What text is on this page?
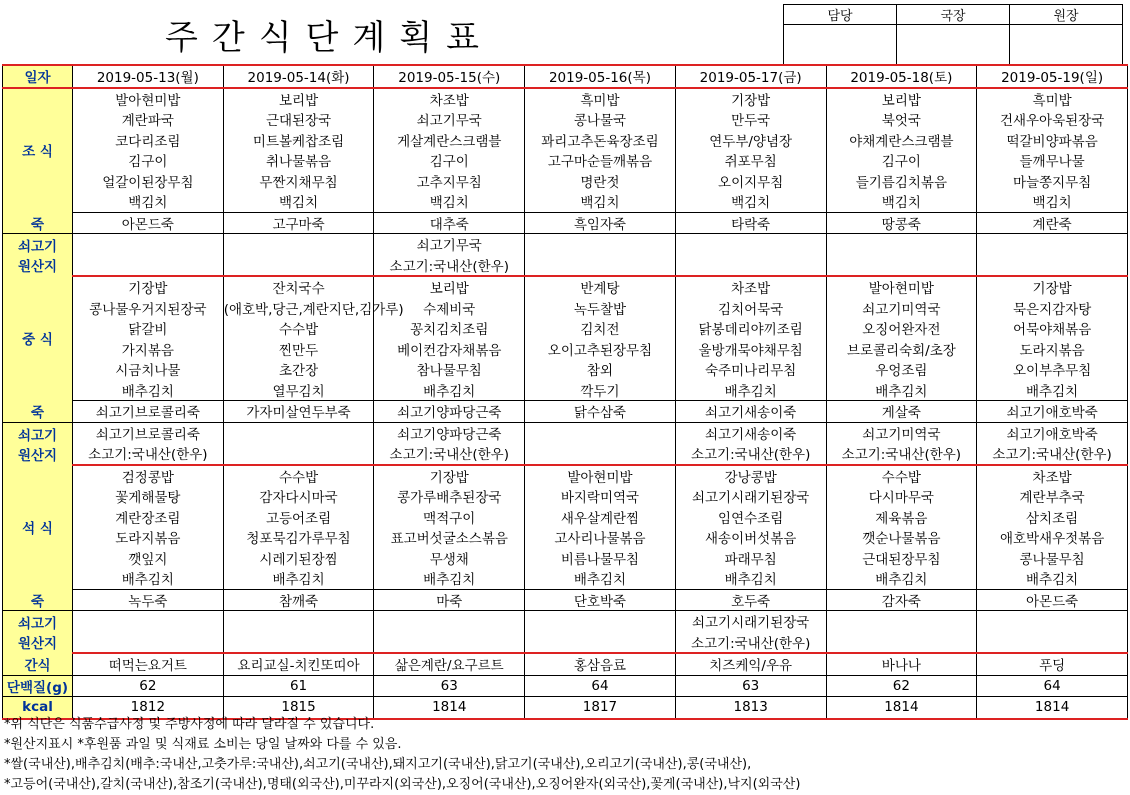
주간식단계획표
담당	국장	원장

일자	2019-05-13(월)	2019-05-14(화)	2019-05-15(수)	2019-05-16(목)	2019-05-17(금)	2019-05-18(토)	2019-05-19(일)
조 식	발아현미밥	보리밥	차조밥	흑미밥	기장밥	보리밥	흑미밥
	계란파국	근대된장국	쇠고기무국	콩나물국	만두국	북엇국	건새우아욱된장국
	코다리조림	미트볼케찹조림	게살계란스크램블	꽈리고추돈육장조림	연두부/양념장	야채계란스크램블	떡갈비양파볶음
	김구이	취나물볶음	김구이	고구마순들깨볶음	쥐포무침	김구이	들깨무나물
	얼갈이된장무침	무짠지채무침	고추지무침	명란젓	오이지무침	들기름김치볶음	마늘쫑지무침
	백김치	백김치	백김치	백김치	백김치	백김치	백김치
죽	아몬드죽	고구마죽	대추죽	흑임자죽	타락죽	땅콩죽	계란죽

쇠고기
원산지			쇠고기무국				
			소고기:국내산(한우)				
중 식	기장밥	잔치국수	보리밥	반계탕	차조밥	발아현미밥	기장밥
	콩나물우거지된장국	(애호박,당근,계란지단,김가루)	수제비국	녹두찰밥	김치어묵국	쇠고기미역국	묵은지감자탕
	닭갈비	수수밥	꽁치김치조림	김치전	닭봉데리야끼조림	오징어완자전	어묵야채볶음
	가지볶음	찐만두	베이컨감자채볶음	오이고추된장무침	울방개묵야채무침	브로콜리숙회/초장	도라지볶음
	시금치나물	초간장	참나물무침	참외	숙주미나리무침	우엉조림	오이부추무침
	배추김치	열무김치	배추김치	깍두기	배추김치	배추김치	배추김치
죽	쇠고기브로콜리죽	가자미살연두부죽	쇠고기양파당근죽	닭수삼죽	쇠고기새송이죽	게살죽	쇠고기애호박죽

쇠고기
원산지	쇠고기브로콜리죽		쇠고기양파당근죽		쇠고기새송이죽	쇠고기미역국	쇠고기애호박죽
	소고기:국내산(한우)		소고기:국내산(한우)		소고기:국내산(한우)	소고기:국내산(한우)	소고기:국내산(한우)
석 식	검정콩밥	수수밥	기장밥	발아현미밥	강낭콩밥	수수밥	차조밥
	꽃게해물탕	감자다시마국	콩가루배추된장국	바지락미역국	쇠고기시래기된장국	다시마무국	계란부추국
	계란장조림	고등어조림	맥적구이	새우살계란찜	임연수조림	제육볶음	삼치조림
	도라지볶음	청포묵김가루무침	표고버섯굴소스볶음	고사리나물볶음	새송이버섯볶음	깻순나물볶음	애호박새우젓볶음
	깻잎지	시레기된장찜	무생채	비름나물무침	파래무침	근대된장무침	콩나물무침
	배추김치	배추김치	배추김치	배추김치	배추김치	배추김치	배추김치
죽	녹두죽	참깨죽	마죽	단호박죽	호두죽	감자죽	아몬드죽

쇠고기
원산지					쇠고기시래기된장국		
					소고기:국내산(한우)		
간식	떠먹는요거트	요리교실-치킨또띠아	삶은계란/요구르트	홍삼음료	치즈케익/우유	바나나	푸딩
단백질(g)	62	61	63	64	63	62	64
kcal	1812	1815	1814	1817	1813	1814	1814
*위 식단은 식품수급사정 및 주방사정에 따라 달라질 수 있습니다.
*원산지표시 *후원품 과일 및 식재료 소비는 당일 날짜와 다를 수 있음.
*쌀(국내산),배추김치(배추:국내산,고춧가루:국내산),쇠고기(국내산),돼지고기(국내산),닭고기(국내산),오리고기(국내산),콩(국내산),
*고등어(국내산),갈치(국내산),참조기(국내산),명태(외국산),미꾸라지(외국산),오징어(국내산),오징어완자(외국산),꽃게(국내산),낙지(외국산)
